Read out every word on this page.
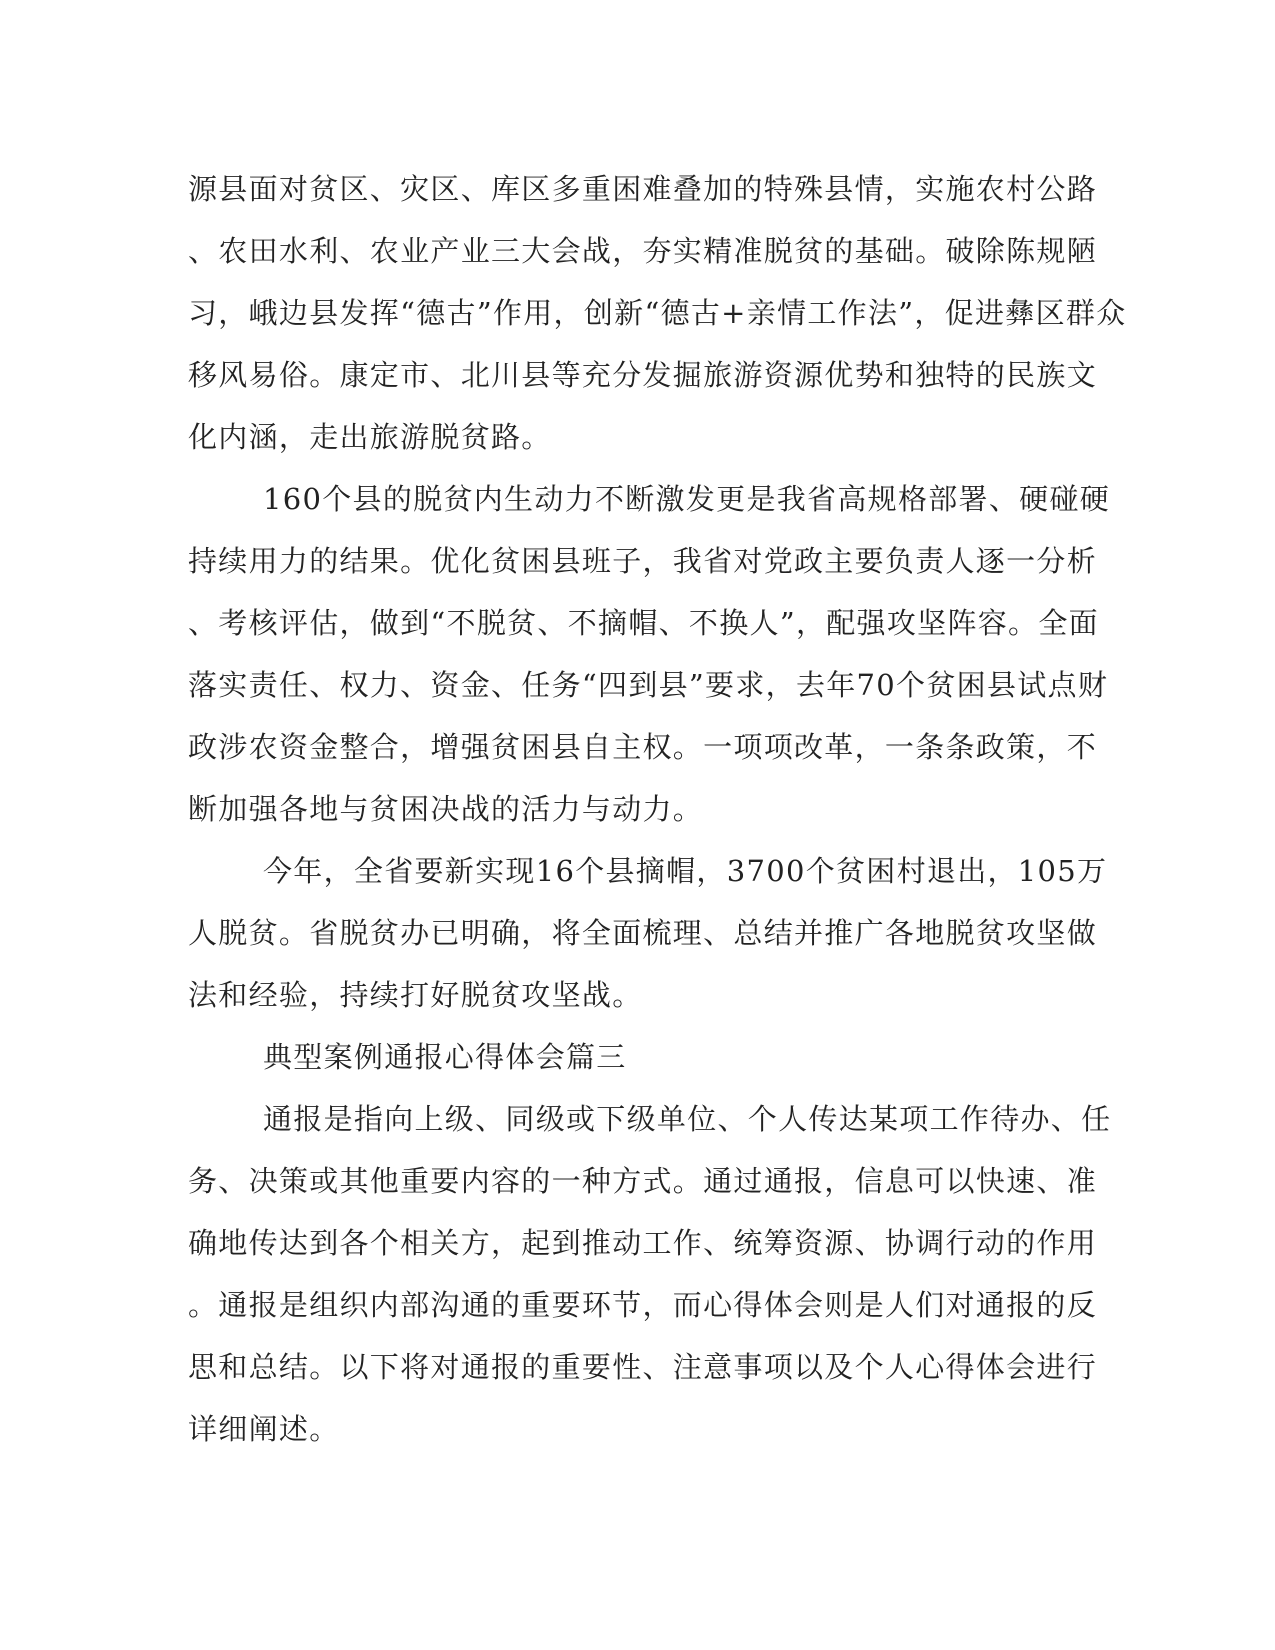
源县面对贫区、灾区、库区多重困难叠加的特殊县情，实施农村公路
、农田水利、农业产业三大会战，夯实精准脱贫的基础。破除陈规陋
习，峨边县发挥“德古”作用，创新“德古+亲情工作法”，促进彝区群众
移风易俗。康定市、北川县等充分发掘旅游资源优势和独特的民族文
化内涵，走出旅游脱贫路。
160个县的脱贫内生动力不断激发更是我省高规格部署、硬碰硬
持续用力的结果。优化贫困县班子，我省对党政主要负责人逐一分析
、考核评估，做到“不脱贫、不摘帽、不换人”，配强攻坚阵容。全面
落实责任、权力、资金、任务“四到县”要求，去年70个贫困县试点财
政涉农资金整合，增强贫困县自主权。一项项改革，一条条政策，不
断加强各地与贫困决战的活力与动力。
今年，全省要新实现16个县摘帽，3700个贫困村退出，105万
人脱贫。省脱贫办已明确，将全面梳理、总结并推广各地脱贫攻坚做
法和经验，持续打好脱贫攻坚战。
典型案例通报心得体会篇三
通报是指向上级、同级或下级单位、个人传达某项工作待办、任
务、决策或其他重要内容的一种方式。通过通报，信息可以快速、准
确地传达到各个相关方，起到推动工作、统筹资源、协调行动的作用
。通报是组织内部沟通的重要环节，而心得体会则是人们对通报的反
思和总结。以下将对通报的重要性、注意事项以及个人心得体会进行
详细阐述。
